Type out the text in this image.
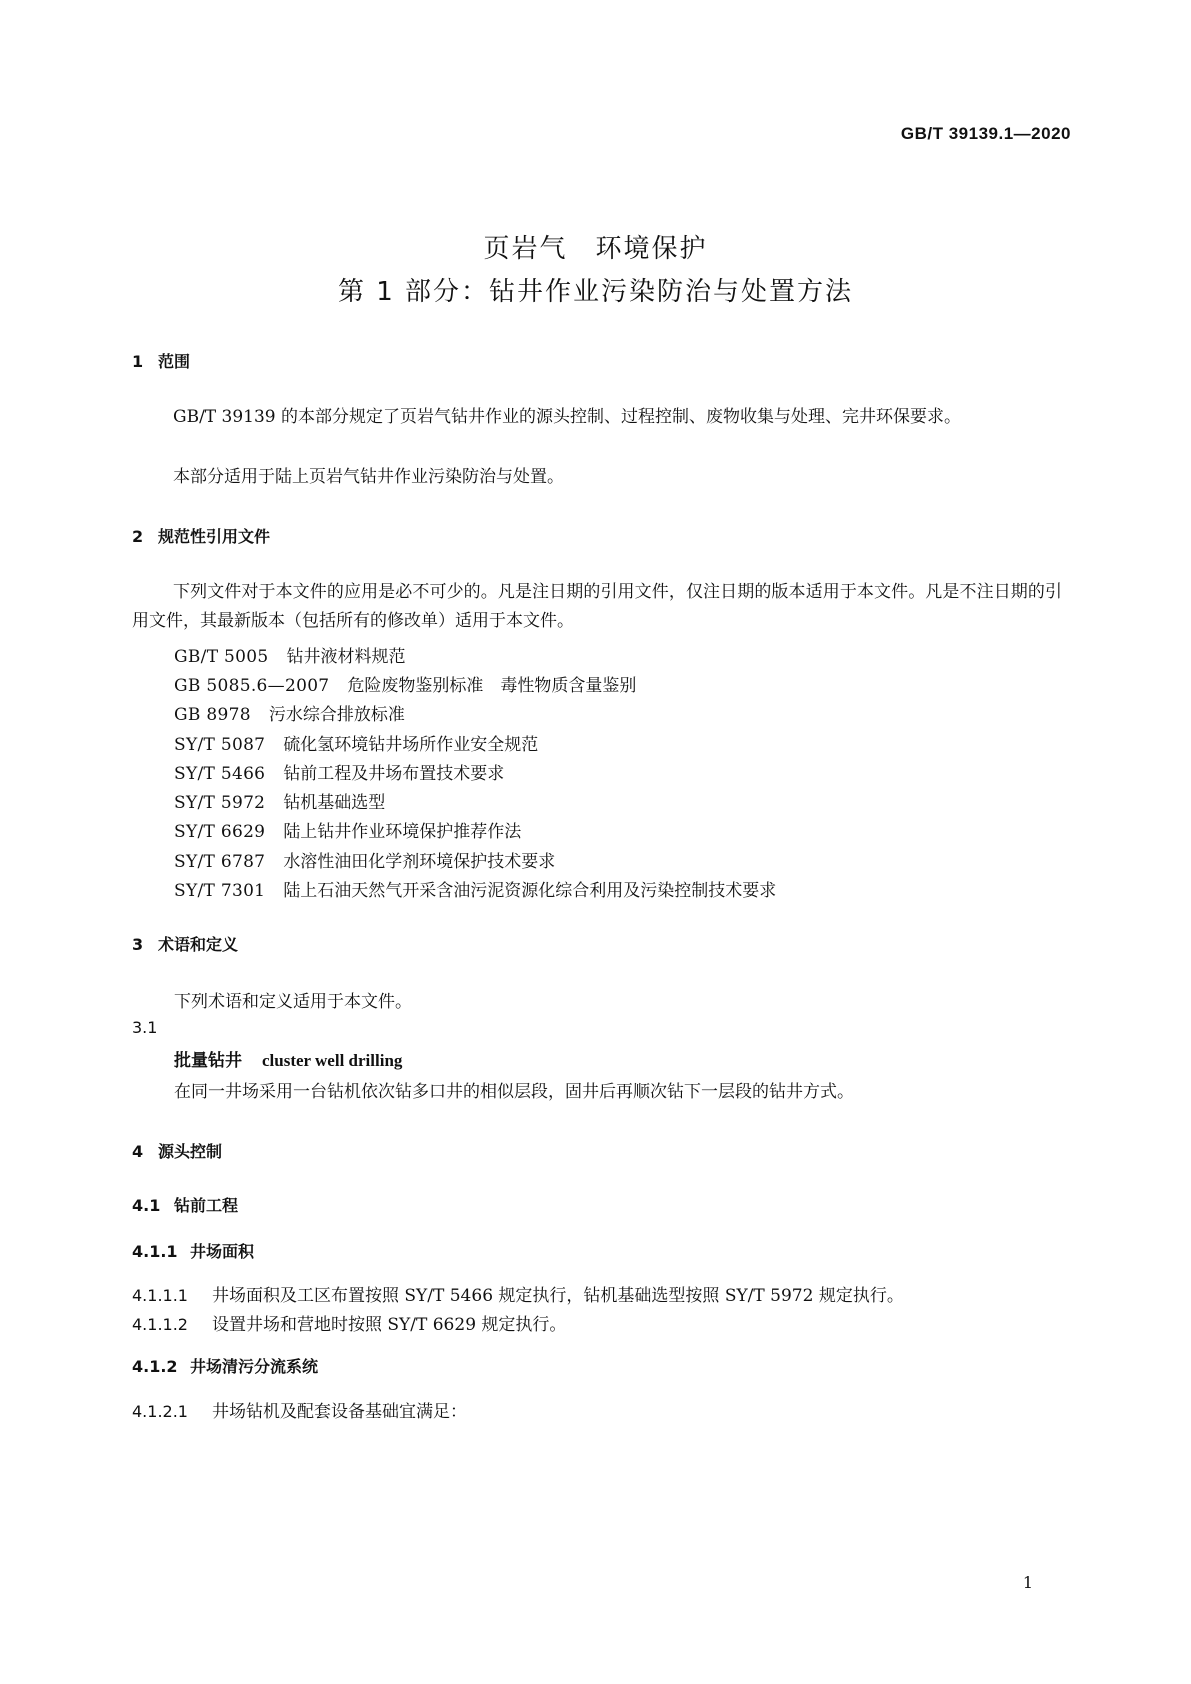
GB/T 39139.1—2020
页岩气　环境保护
第 1 部分：钻井作业污染防治与处置方法
1 范围
GB/T 39139 的本部分规定了页岩气钻井作业的源头控制、过程控制、废物收集与处理、完井环保要求。
本部分适用于陆上页岩气钻井作业污染防治与处置。
2 规范性引用文件
下列文件对于本文件的应用是必不可少的。凡是注日期的引用文件，仅注日期的版本适用于本文件。凡是不注日期的引用文件，其最新版本（包括所有的修改单）适用于本文件。
GB/T 5005 钻井液材料规范
GB 5085.6—2007 危险废物鉴别标准　毒性物质含量鉴别
GB 8978 污水综合排放标准
SY/T 5087 硫化氢环境钻井场所作业安全规范
SY/T 5466 钻前工程及井场布置技术要求
SY/T 5972 钻机基础选型
SY/T 6629 陆上钻井作业环境保护推荐作法
SY/T 6787 水溶性油田化学剂环境保护技术要求
SY/T 7301 陆上石油天然气开采含油污泥资源化综合利用及污染控制技术要求
3 术语和定义
下列术语和定义适用于本文件。
3.1
批量钻井 cluster well drilling
在同一井场采用一台钻机依次钻多口井的相似层段，固井后再顺次钻下一层段的钻井方式。
4 源头控制
4.1 钻前工程
4.1.1 井场面积
4.1.1.1 井场面积及工区布置按照 SY/T 5466 规定执行，钻机基础选型按照 SY/T 5972 规定执行。
4.1.1.2 设置井场和营地时按照 SY/T 6629 规定执行。
4.1.2 井场清污分流系统
4.1.2.1 井场钻机及配套设备基础宜满足：
1
